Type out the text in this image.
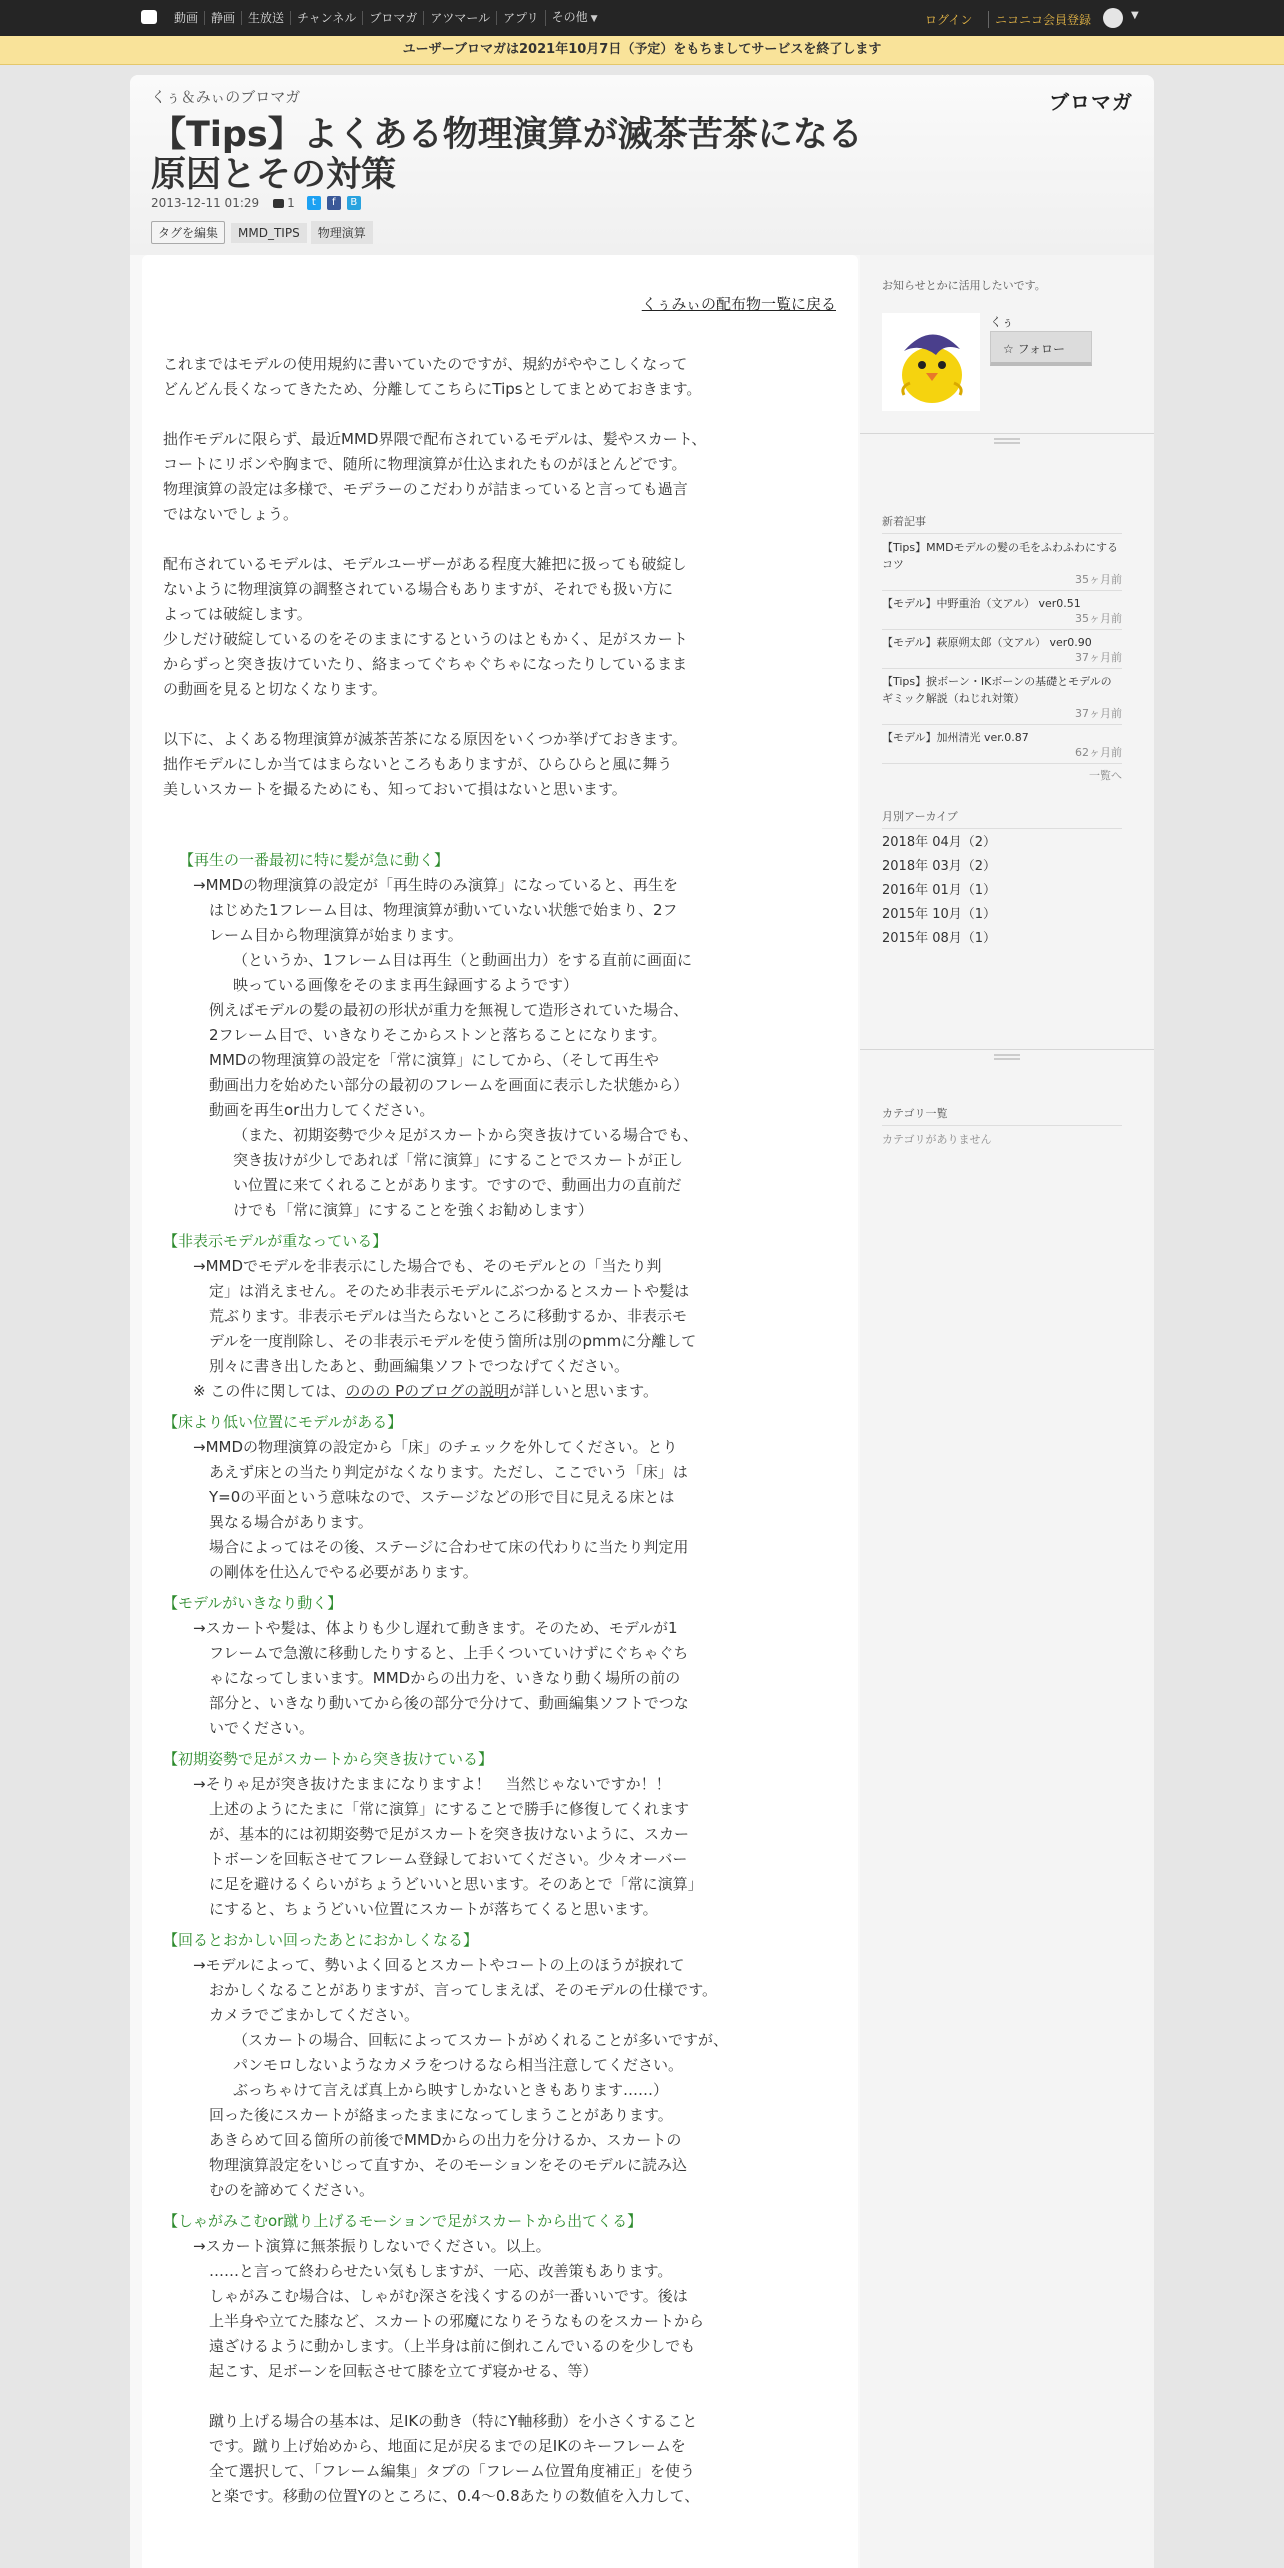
動画	静画	生放送	チャンネル	ブロマガ	アツマール	アプリ	その他 ▼	ログイン	ニコニコ会員登録	▼
ユーザーブロマガは2021年10月7日（予定）をもちましてサービスを終了します
くぅ＆みぃのブロマガ	ブロマガ
【Tips】よくある物理演算が滅茶苦茶になる原因とその対策
2013-12-11 01:29 1	t	f	B
タグを編集	MMD_TIPS	物理演算
くぅみぃの配布物一覧に戻る

これまではモデルの使用規約に書いていたのですが、規約がややこしくなって

どんどん長くなってきたため、分離してこちらにTipsとしてまとめておきます。

拙作モデルに限らず、最近MMD界隈で配布されているモデルは、髪やスカート、

コートにリボンや胸まで、随所に物理演算が仕込まれたものがほとんどです。

物理演算の設定は多様で、モデラーのこだわりが詰まっていると言っても過言

ではないでしょう。

配布されているモデルは、モデルユーザーがある程度大雑把に扱っても破綻し

ないように物理演算の調整されている場合もありますが、それでも扱い方に

よっては破綻します。

少しだけ破綻しているのをそのままにするというのはともかく、足がスカート

からずっと突き抜けていたり、絡まってぐちゃぐちゃになったりしているまま

の動画を見ると切なくなります。

以下に、よくある物理演算が滅茶苦茶になる原因をいくつか挙げておきます。

拙作モデルにしか当てはまらないところもありますが、ひらひらと風に舞う

美しいスカートを撮るためにも、知っておいて損はないと思います。

【再生の一番最初に特に髪が急に動く】

→MMDの物理演算の設定が「再生時のみ演算」になっていると、再生を

はじめた1フレーム目は、物理演算が動いていない状態で始まり、2フ

レーム目から物理演算が始まります。

（というか、1フレーム目は再生（と動画出力）をする直前に画面に

映っている画像をそのまま再生録画するようです）

例えばモデルの髪の最初の形状が重力を無視して造形されていた場合、

2フレーム目で、いきなりそこからストンと落ちることになります。

MMDの物理演算の設定を「常に演算」にしてから、（そして再生や

動画出力を始めたい部分の最初のフレームを画面に表示した状態から）

動画を再生or出力してください。

（また、初期姿勢で少々足がスカートから突き抜けている場合でも、

突き抜けが少しであれば「常に演算」にすることでスカートが正し

い位置に来てくれることがあります。ですので、動画出力の直前だ

けでも「常に演算」にすることを強くお勧めします）

【非表示モデルが重なっている】

→MMDでモデルを非表示にした場合でも、そのモデルとの「当たり判

定」は消えません。そのため非表示モデルにぶつかるとスカートや髪は

荒ぶります。非表示モデルは当たらないところに移動するか、非表示モ

デルを一度削除し、その非表示モデルを使う箇所は別のpmmに分離して

別々に書き出したあと、動画編集ソフトでつなげてください。

※ この件に関しては、ののの Pのブログの説明が詳しいと思います。

【床より低い位置にモデルがある】

→MMDの物理演算の設定から「床」のチェックを外してください。とり

あえず床との当たり判定がなくなります。ただし、ここでいう「床」は

Y=0の平面という意味なので、ステージなどの形で目に見える床とは

異なる場合があります。

場合によってはその後、ステージに合わせて床の代わりに当たり判定用

の剛体を仕込んでやる必要があります。

【モデルがいきなり動く】

→スカートや髪は、体よりも少し遅れて動きます。そのため、モデルが1

フレームで急激に移動したりすると、上手くついていけずにぐちゃぐち

ゃになってしまいます。MMDからの出力を、いきなり動く場所の前の

部分と、いきなり動いてから後の部分で分けて、動画編集ソフトでつな

いでください。

【初期姿勢で足がスカートから突き抜けている】

→そりゃ足が突き抜けたままになりますよ！　当然じゃないですか！！

上述のようにたまに「常に演算」にすることで勝手に修復してくれます

が、基本的には初期姿勢で足がスカートを突き抜けないように、スカー

トボーンを回転させてフレーム登録しておいてください。少々オーバー

に足を避けるくらいがちょうどいいと思います。そのあとで「常に演算」

にすると、ちょうどいい位置にスカートが落ちてくると思います。

【回るとおかしい回ったあとにおかしくなる】

→モデルによって、勢いよく回るとスカートやコートの上のほうが捩れて

おかしくなることがありますが、言ってしまえば、そのモデルの仕様です。

カメラでごまかしてください。

（スカートの場合、回転によってスカートがめくれることが多いですが、

パンモロしないようなカメラをつけるなら相当注意してください。

ぶっちゃけて言えば真上から映すしかないときもあります……）

回った後にスカートが絡まったままになってしまうことがあります。

あきらめて回る箇所の前後でMMDからの出力を分けるか、スカートの

物理演算設定をいじって直すか、そのモーションをそのモデルに読み込

むのを諦めてください。

【しゃがみこむor蹴り上げるモーションで足がスカートから出てくる】

→スカート演算に無茶振りしないでください。以上。

……と言って終わらせたい気もしますが、一応、改善策もあります。

しゃがみこむ場合は、しゃがむ深さを浅くするのが一番いいです。後は

上半身や立てた膝など、スカートの邪魔になりそうなものをスカートから

遠ざけるように動かします。（上半身は前に倒れこんでいるのを少しでも

起こす、足ボーンを回転させて膝を立てず寝かせる、等）

蹴り上げる場合の基本は、足IKの動き（特にY軸移動）を小さくすること

です。蹴り上げ始めから、地面に足が戻るまでの足IKのキーフレームを

全て選択して、「フレーム編集」タブの「フレーム位置角度補正」を使う

と楽です。移動の位置Yのところに、0.4～0.8あたりの数値を入力して、

お知らせとかに活用したいです。
くぅ
☆ フォロー
新着記事
【Tips】MMDモデルの髪の毛をふわふわにするコツ
35ヶ月前
【モデル】中野重治（文アル） ver0.51
35ヶ月前
【モデル】萩原朔太郎（文アル） ver0.90
37ヶ月前
【Tips】捩ボーン・IKボーンの基礎とモデルのギミック解説（ねじれ対策）
37ヶ月前
【モデル】加州清光 ver.0.87
62ヶ月前
一覧へ
月別アーカイブ
2018年 04月（2）
2018年 03月（2）
2016年 01月（1）
2015年 10月（1）
2015年 08月（1）
カテゴリ一覧
カテゴリがありません
